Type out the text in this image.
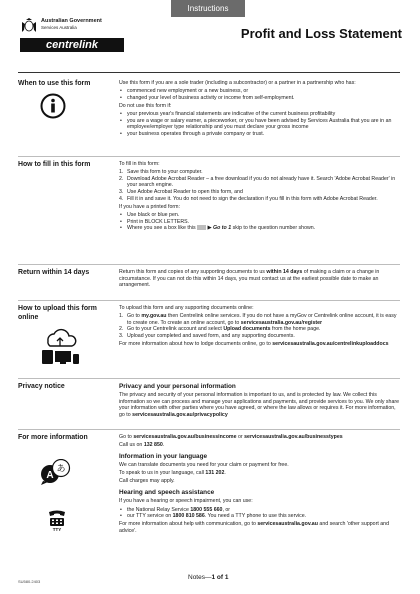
Instructions
Australian Government
Services Australia
centrelink
Profit and Loss Statement
When to use this form	Use this form if you are a sole trader (including a subcontractor) or a partner in a partnership who has:

• commenced new employment or a new business, or
• changed your level of business activity or income from self-employment.

Do not use this form if:

• your previous year's financial statements are indicative of the current business profitability
• you are a wage or salary earner, a pieceworker, or you have been advised by Services Australia that you are in an employee/employer type relationship and you must declare your gross income
• your business operates through a private company or trust.
How to fill in this form	To fill in this form:

1. Save this form to your computer.
2. Download Adobe Acrobat Reader – a free download if you do not already have it. Search 'Adobe Acrobat Reader' in your search engine.
3. Use Adobe Acrobat Reader to open this form, and
4. Fill it in and save it. You do not need to sign the declaration if you fill in this form with Adobe Acrobat Reader.

If you have a printed form:

• Use black or blue pen.
• Print in BLOCK LETTERS.
• Where you see a box like this ▶ Go to 1 skip to the question number shown.
Return within 14 days	Return this form and copies of any supporting documents to us within 14 days of making a claim or a change in circumstance. If you can not do this within 14 days, you must contact us at the earliest possible date to make an arrangement.

How to upload this form online

To upload this form and any supporting documents online:

1. Go to my.gov.au then Centrelink online services. If you do not have a myGov or Centrelink online account, it is easy to create one. To create an online account, go to servicesaustralia.gov.au/register
2. Go to your Centrelink account and select Upload documents from the home page.
3. Upload your completed and saved form, and any supporting documents.

For more information about how to lodge documents online, go to servicesaustralia.gov.au/centrelinkuploaddocs

Privacy notice	Privacy and your personal information

The privacy and security of your personal information is important to us, and is protected by law. We collect this information so we can process and manage your applications and payments, and provide services to you. We only share your information with other parties where you have agreed, or where the law allows or requires it. For more information, go to servicesaustralia.gov.au/privacypolicy

For more information
A
あ
TTY

Go to servicesaustralia.gov.au/businessincome or servicesaustralia.gov.au/businesstypes

Call us on 132 850.

Information in your language

We can translate documents you need for your claim or payment for free.

To speak to us in your language, call 131 202.

Call charges may apply.

Hearing and speech assistance

If you have a hearing or speech impairment, you can use:

• the National Relay Service 1800 555 660, or
• our TTY service on 1800 810 586. You need a TTY phone to use this service.

For more information about help with communication, go to servicesaustralia.gov.au and search 'other support and advice'.

SU580.2403
Notes—1 of 1
